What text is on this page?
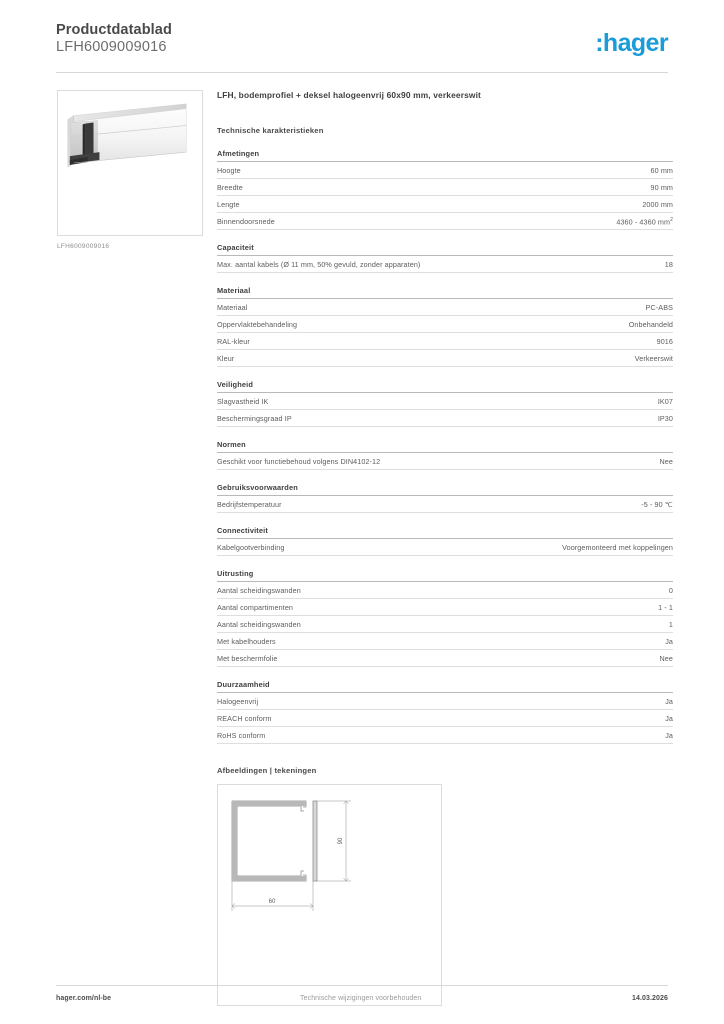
Productdatablad
LFH6009009016	:hager
LFH6009009016
LFH, bodemprofiel + deksel halogeenvrij 60x90 mm, verkeerswit
Technische karakteristieken
Afmetingen
Hoogte	60 mm
Breedte	90 mm
Lengte	2000 mm
Binnendoorsnede	4360 - 4360 $mm^2$
Capaciteit
Max. aantal kabels (Ø 11 mm, 50% gevuld, zonder apparaten)	18
Materiaal
Materiaal	PC-ABS
Oppervlaktebehandeling	Onbehandeld
RAL-kleur	9016
Kleur	Verkeerswit
Veiligheid
Slagvastheid IK	IK07
Beschermingsgraad IP	IP30
Normen
Geschikt voor functiebehoud volgens DIN4102-12	Nee
Gebruiksvoorwaarden
Bedrijfstemperatuur	-5 - 90 ℃
Connectiviteit
Kabelgootverbinding	Voorgemonteerd met koppelingen
Uitrusting
Aantal scheidingswanden	0
Aantal compartimenten	1 - 1
Aantal scheidingswanden	1
Met kabelhouders	Ja
Met beschermfolie	Nee
Duurzaamheid
Halogeenvrij	Ja
REACH conform	Ja
RoHS conform	Ja
Afbeeldingen | tekeningen
90
60
hager.com/nl-be	Technische wijzigingen voorbehouden	14.03.2026
